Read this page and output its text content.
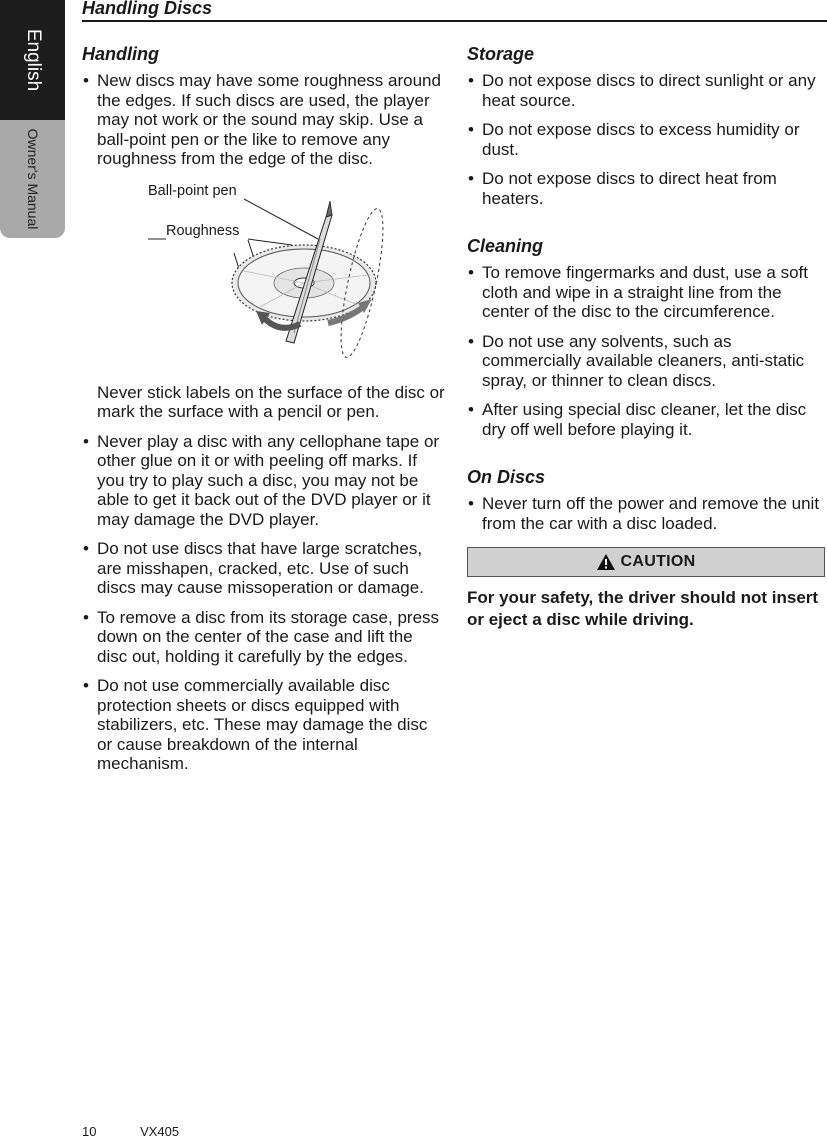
English
Owner's Manual
Handling Discs
Handling
• New discs may have some roughness around the edges. If such discs are used, the player may not work or the sound may skip. Use a ball-point pen or the like to remove any roughness from the edge of the disc.
Ball-point pen
Roughness
Never stick labels on the surface of the disc or mark the surface with a pencil or pen.
• Never play a disc with any cellophane tape or other glue on it or with peeling off marks. If you try to play such a disc, you may not be able to get it back out of the DVD player or it may damage the DVD player.
• Do not use discs that have large scratches, are misshapen, cracked, etc. Use of such discs may cause missoperation or damage.
• To remove a disc from its storage case, press down on the center of the case and lift the disc out, holding it carefully by the edges.
• Do not use commercially available disc protection sheets or discs equipped with stabilizers, etc. These may damage the disc or cause breakdown of the internal mechanism.
Storage
• Do not expose discs to direct sunlight or any heat source.
• Do not expose discs to excess humidity or dust.
• Do not expose discs to direct heat from heaters.
Cleaning
• To remove fingermarks and dust, use a soft cloth and wipe in a straight line from the center of the disc to the circumference.
• Do not use any solvents, such as commercially available cleaners, anti-static spray, or thinner to clean discs.
• After using special disc cleaner, let the disc dry off well before playing it.
On Discs
• Never turn off the power and remove the unit from the car with a disc loaded.
CAUTION
For your safety, the driver should not insert or eject a disc while driving.
10	VX405
